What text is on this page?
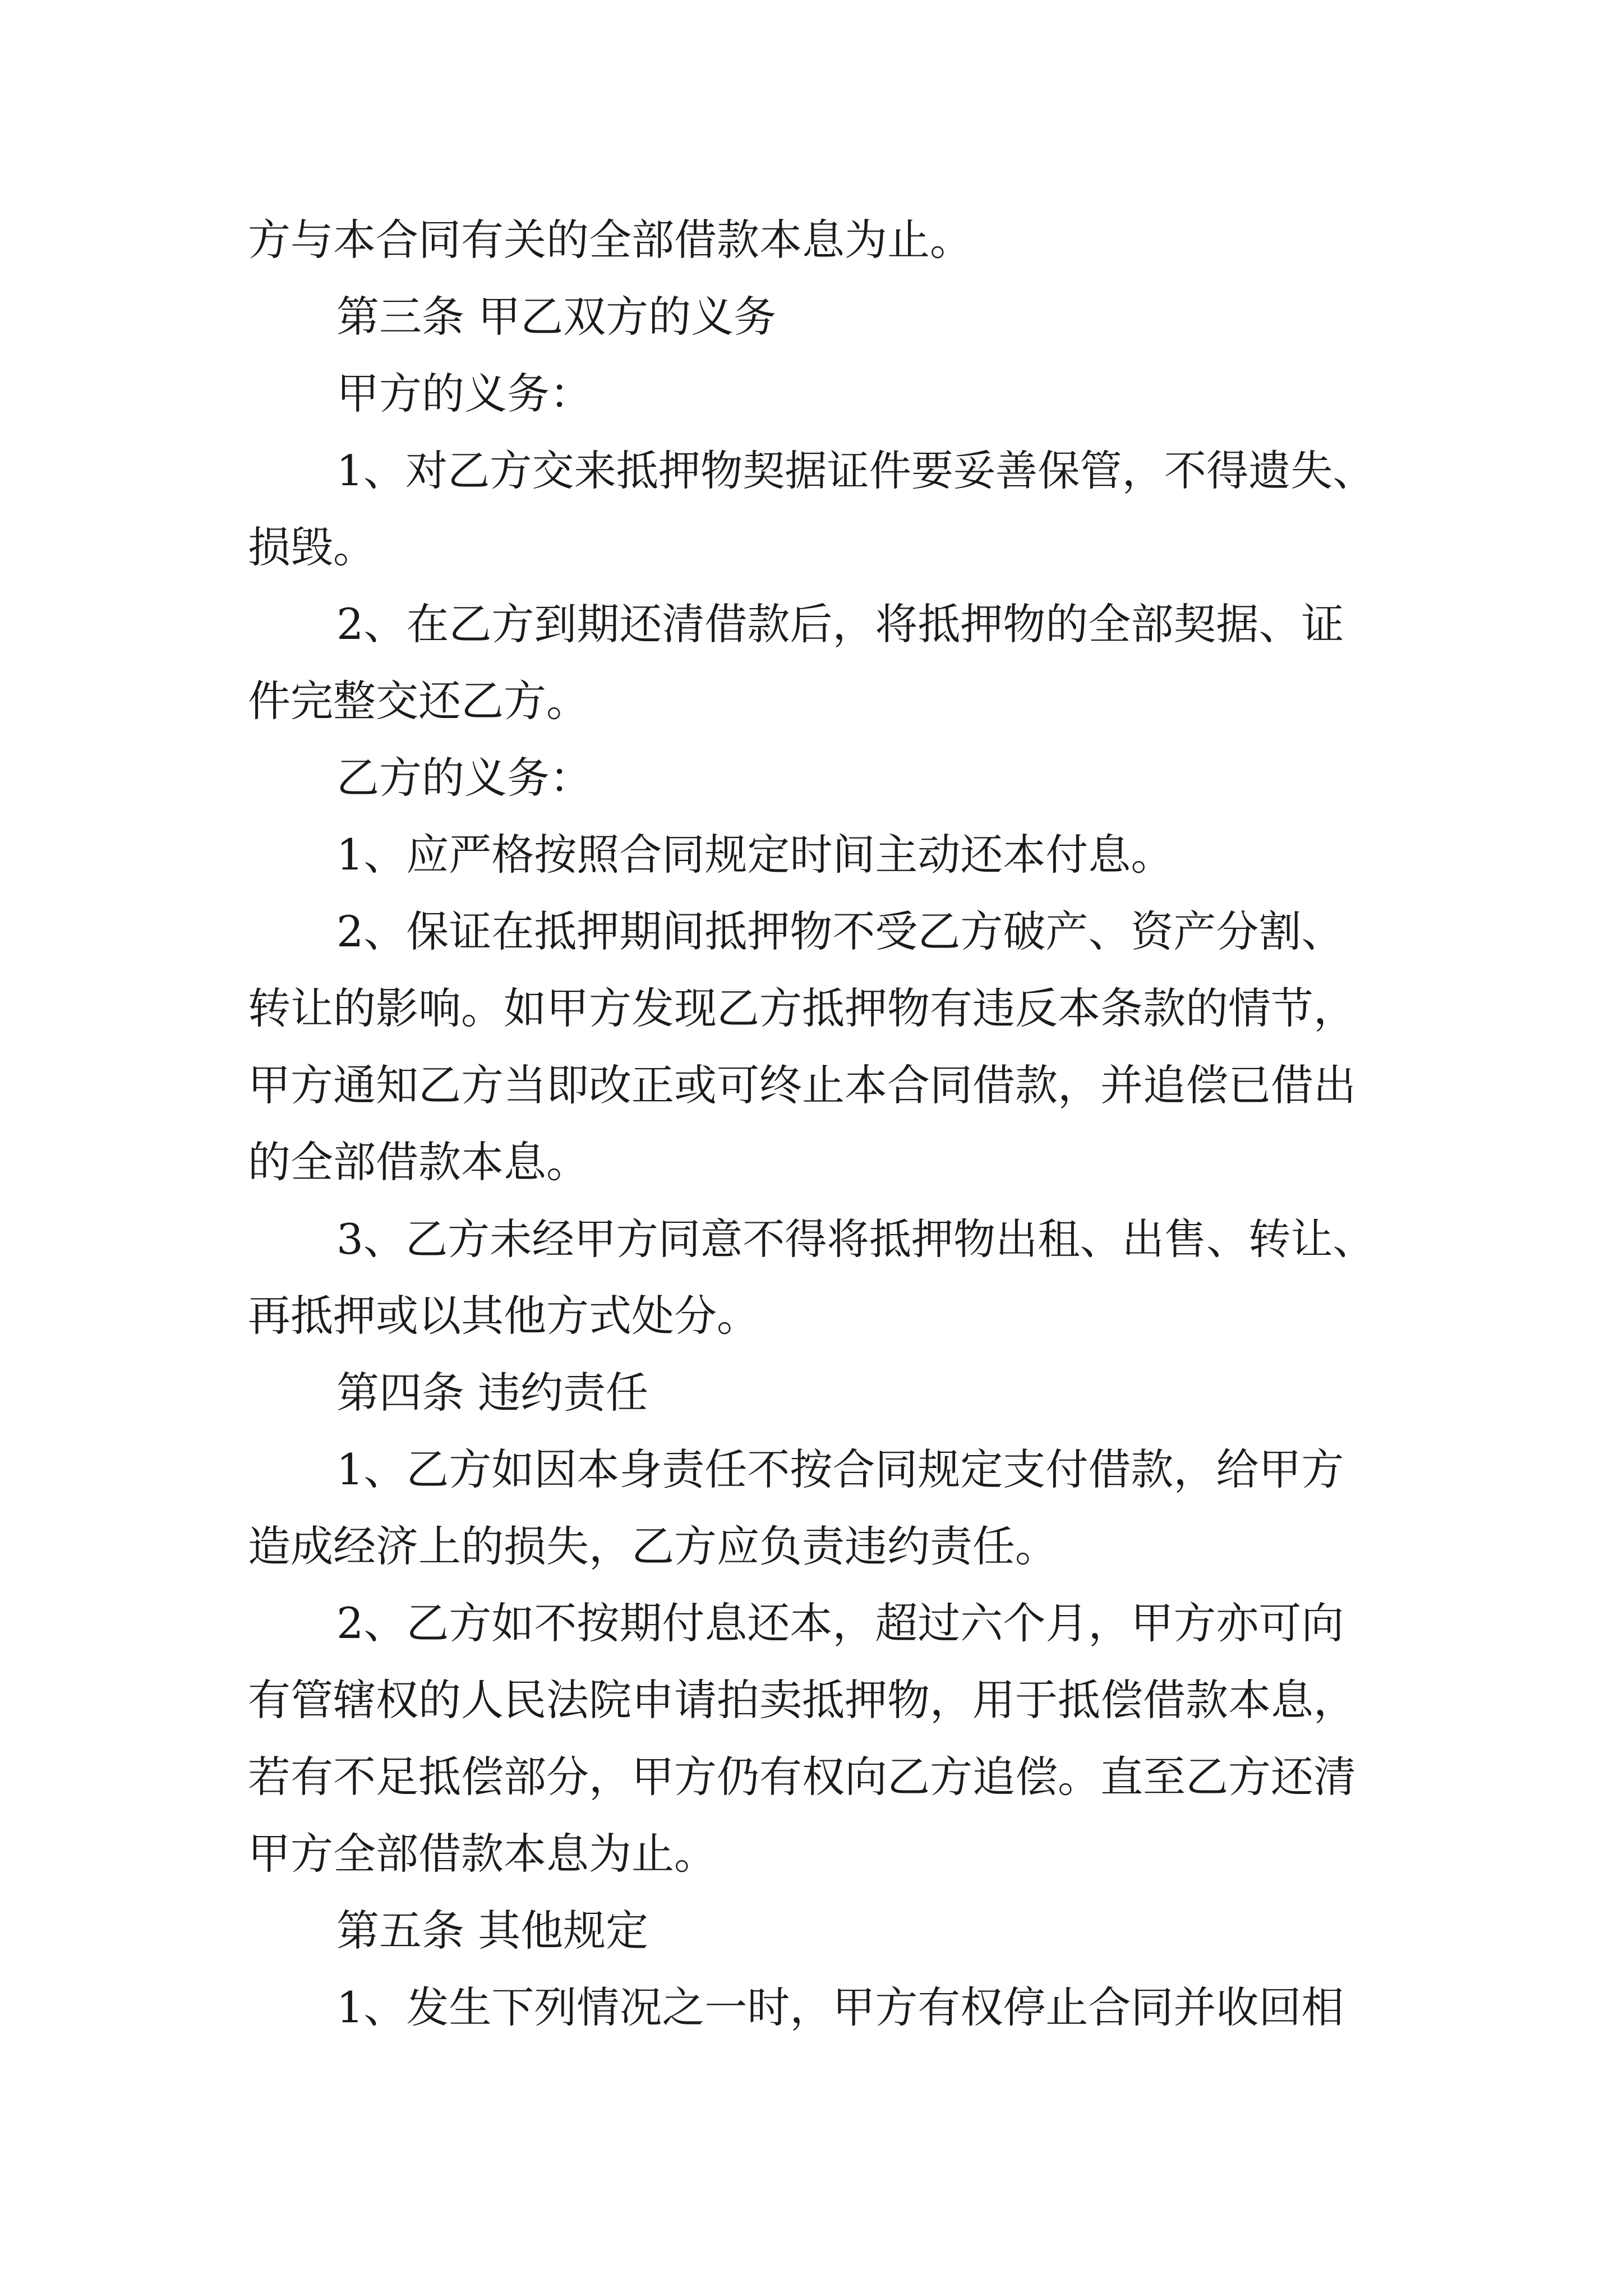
方与本合同有关的全部借款本息为止。

第三条 甲乙双方的义务

甲方的义务：

1、对乙方交来抵押物契据证件要妥善保管，不得遗失、

损毁。

2、在乙方到期还清借款后，将抵押物的全部契据、证

件完整交还乙方。

乙方的义务：

1、应严格按照合同规定时间主动还本付息。

2、保证在抵押期间抵押物不受乙方破产、资产分割、

转让的影响。如甲方发现乙方抵押物有违反本条款的情节，

甲方通知乙方当即改正或可终止本合同借款，并追偿已借出

的全部借款本息。

3、乙方未经甲方同意不得将抵押物出租、出售、转让、

再抵押或以其他方式处分。

第四条 违约责任

1、乙方如因本身责任不按合同规定支付借款，给甲方

造成经济上的损失，乙方应负责违约责任。

2、乙方如不按期付息还本，超过六个月，甲方亦可向

有管辖权的人民法院申请拍卖抵押物，用于抵偿借款本息，

若有不足抵偿部分，甲方仍有权向乙方追偿。直至乙方还清

甲方全部借款本息为止。

第五条 其他规定

1、发生下列情况之一时，甲方有权停止合同并收回相
